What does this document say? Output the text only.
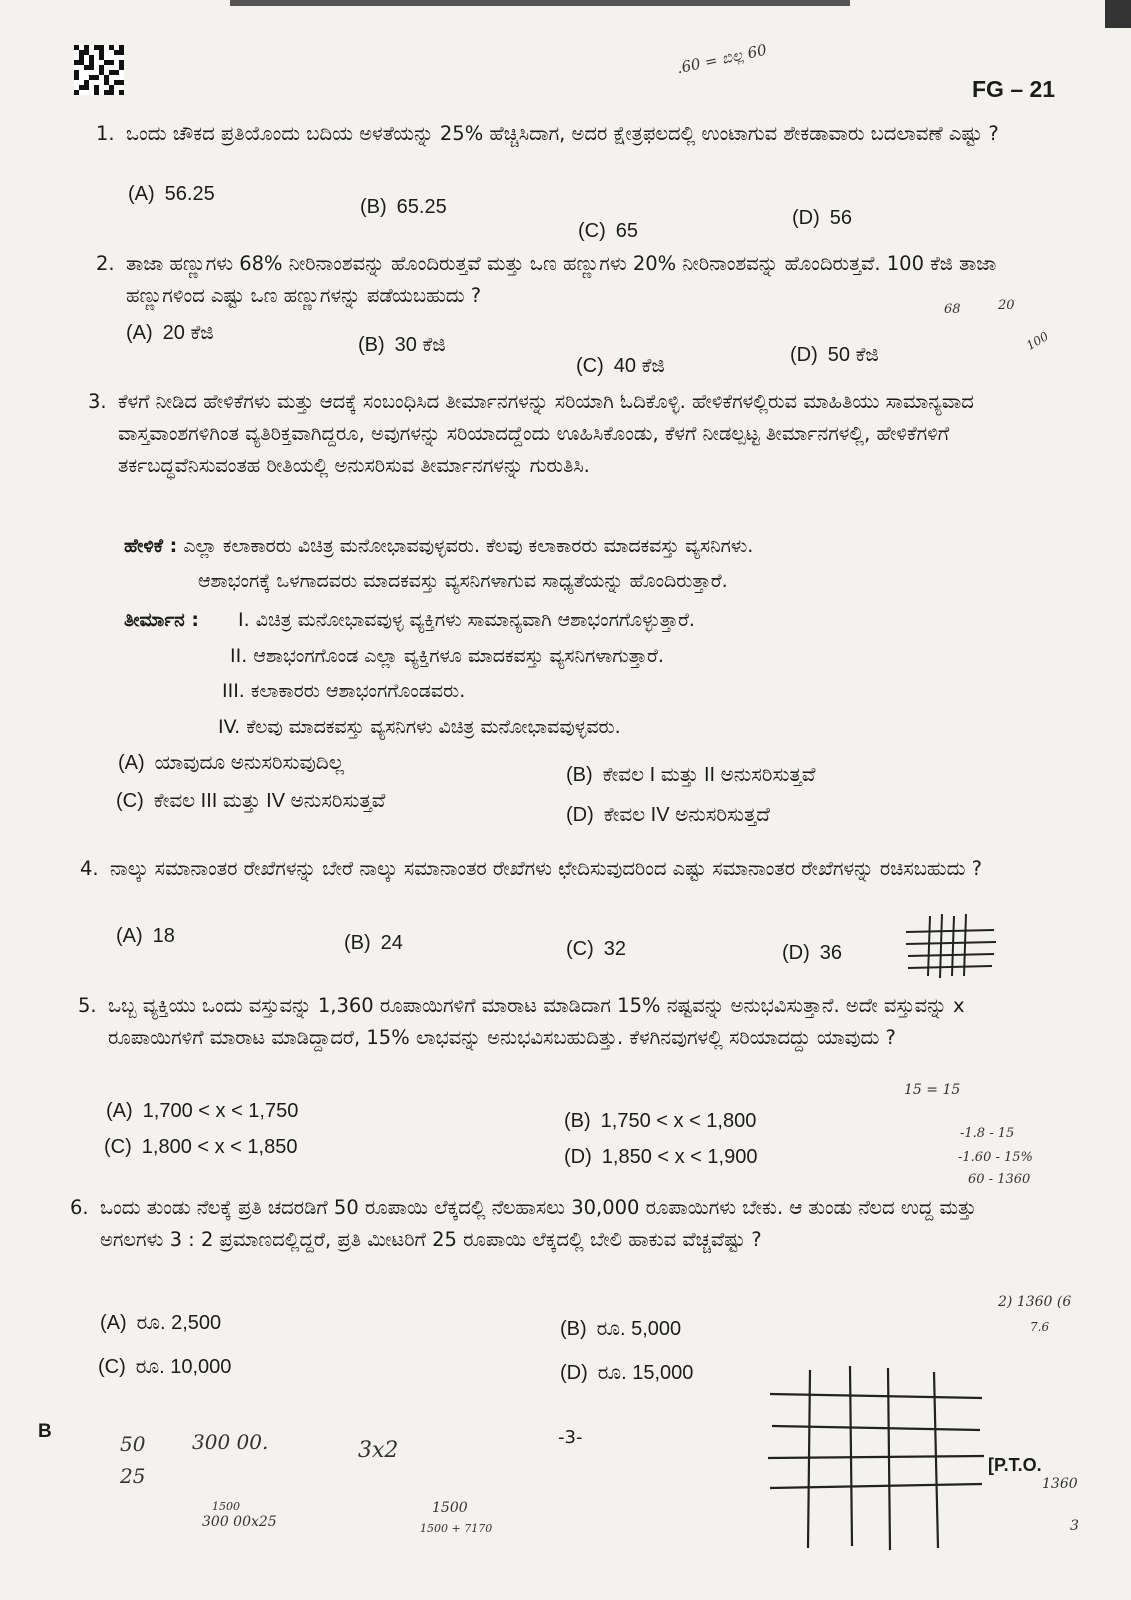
FG – 21
1. ಒಂದು ಚೌಕದ ಪ್ರತಿಯೊಂದು ಬದಿಯ ಅಳತೆಯನ್ನು 25% ಹೆಚ್ಚಿಸಿದಾಗ, ಅದರ ಕ್ಷೇತ್ರಫಲದಲ್ಲಿ ಉಂಟಾಗುವ ಶೇಕಡಾವಾರು ಬದಲಾವಣೆ ಎಷ್ಟು ?
(A) 56.25
(B) 65.25
(C) 65
(D) 56
2. ತಾಜಾ ಹಣ್ಣುಗಳು 68% ನೀರಿನಾಂಶವನ್ನು ಹೊಂದಿರುತ್ತವೆ ಮತ್ತು ಒಣ ಹಣ್ಣುಗಳು 20% ನೀರಿನಾಂಶವನ್ನು ಹೊಂದಿರುತ್ತವೆ. 100 ಕೆಜಿ ತಾಜಾ ಹಣ್ಣುಗಳಿಂದ ಎಷ್ಟು ಒಣ ಹಣ್ಣುಗಳನ್ನು ಪಡೆಯಬಹುದು ?
(A) 20 ಕೆಜಿ
(B) 30 ಕೆಜಿ
(C) 40 ಕೆಜಿ	(D) 50 ಕೆಜಿ
3. ಕೆಳಗೆ ನೀಡಿದ ಹೇಳಿಕೆಗಳು ಮತ್ತು ಆದಕ್ಕೆ ಸಂಬಂಧಿಸಿದ ತೀರ್ಮಾನಗಳನ್ನು ಸರಿಯಾಗಿ ಓದಿಕೊಳ್ಳಿ. ಹೇಳಿಕೆಗಳಲ್ಲಿರುವ ಮಾಹಿತಿಯು ಸಾಮಾನ್ಯವಾದ ವಾಸ್ತವಾಂಶಗಳಿಗಿಂತ ವ್ಯತಿರಿಕ್ತವಾಗಿದ್ದರೂ, ಅವುಗಳನ್ನು ಸರಿಯಾದದ್ದೆಂದು ಊಹಿಸಿಕೊಂಡು, ಕೆಳಗೆ ನೀಡಲ್ಪಟ್ಟ ತೀರ್ಮಾನಗಳಲ್ಲಿ, ಹೇಳಿಕೆಗಳಿಗೆ ತರ್ಕಬದ್ಧವೆನಿಸುವಂತಹ ರೀತಿಯಲ್ಲಿ ಅನುಸರಿಸುವ ತೀರ್ಮಾನಗಳನ್ನು ಗುರುತಿಸಿ.
ಹೇಳಿಕೆ : ಎಲ್ಲಾ ಕಲಾಕಾರರು ವಿಚಿತ್ರ ಮನೋಭಾವವುಳ್ಳವರು. ಕೆಲವು ಕಲಾಕಾರರು ಮಾದಕವಸ್ತು ವ್ಯಸನಿಗಳು.
ಆಶಾಭಂಗಕ್ಕೆ ಒಳಗಾದವರು ಮಾದಕವಸ್ತು ವ್ಯಸನಿಗಳಾಗುವ ಸಾಧ್ಯತೆಯನ್ನು ಹೊಂದಿರುತ್ತಾರೆ.
ತೀರ್ಮಾನ : I. ವಿಚಿತ್ರ ಮನೋಭಾವವುಳ್ಳ ವ್ಯಕ್ತಿಗಳು ಸಾಮಾನ್ಯವಾಗಿ ಆಶಾಭಂಗಗೊಳ್ಳುತ್ತಾರೆ.
II. ಆಶಾಭಂಗಗೊಂಡ ಎಲ್ಲಾ ವ್ಯಕ್ತಿಗಳೂ ಮಾದಕವಸ್ತು ವ್ಯಸನಿಗಳಾಗುತ್ತಾರೆ.
III. ಕಲಾಕಾರರು ಆಶಾಭಂಗಗೊಂಡವರು.
IV. ಕೆಲವು ಮಾದಕವಸ್ತು ವ್ಯಸನಿಗಳು ವಿಚಿತ್ರ ಮನೋಭಾವವುಳ್ಳವರು.
(A) ಯಾವುದೂ ಅನುಸರಿಸುವುದಿಲ್ಲ
(B) ಕೇವಲ I ಮತ್ತು II ಅನುಸರಿಸುತ್ತವೆ
(C) ಕೇವಲ III ಮತ್ತು IV ಅನುಸರಿಸುತ್ತವೆ
(D) ಕೇವಲ IV ಅನುಸರಿಸುತ್ತದೆ
4. ನಾಲ್ಕು ಸಮಾನಾಂತರ ರೇಖೆಗಳನ್ನು ಬೇರೆ ನಾಲ್ಕು ಸಮಾನಾಂತರ ರೇಖೆಗಳು ಛೇದಿಸುವುದರಿಂದ ಎಷ್ಟು ಸಮಾನಾಂತರ ರೇಖೆಗಳನ್ನು ರಚಿಸಬಹುದು ?
(A) 18	(B) 24	(C) 32	(D) 36
5. ಒಬ್ಬ ವ್ಯಕ್ತಿಯು ಒಂದು ವಸ್ತುವನ್ನು 1,360 ರೂಪಾಯಿಗಳಿಗೆ ಮಾರಾಟ ಮಾಡಿದಾಗ 15% ನಷ್ಟವನ್ನು ಅನುಭವಿಸುತ್ತಾನೆ. ಅದೇ ವಸ್ತುವನ್ನು x ರೂಪಾಯಿಗಳಿಗೆ ಮಾರಾಟ ಮಾಡಿದ್ದಾದರೆ, 15% ಲಾಭವನ್ನು ಅನುಭವಿಸಬಹುದಿತ್ತು. ಕೆಳಗಿನವುಗಳಲ್ಲಿ ಸರಿಯಾದದ್ದು ಯಾವುದು ?
(A) 1,700 < x < 1,750	(B) 1,750 < x < 1,800
(C) 1,800 < x < 1,850	(D) 1,850 < x < 1,900
6. ಒಂದು ತುಂಡು ನೆಲಕ್ಕೆ ಪ್ರತಿ ಚದರಡಿಗೆ 50 ರೂಪಾಯಿ ಲೆಕ್ಕದಲ್ಲಿ ನೆಲಹಾಸಲು 30,000 ರೂಪಾಯಿಗಳು ಬೇಕು. ಆ ತುಂಡು ನೆಲದ ಉದ್ದ ಮತ್ತು ಅಗಲಗಳು 3 : 2 ಪ್ರಮಾಣದಲ್ಲಿದ್ದರೆ, ಪ್ರತಿ ಮೀಟರಿಗೆ 25 ರೂಪಾಯಿ ಲೆಕ್ಕದಲ್ಲಿ ಬೇಲಿ ಹಾಕುವ ವೆಚ್ಚವೆಷ್ಟು ?
(A) ರೂ. 2,500	(B) ರೂ. 5,000
(C) ರೂ. 10,000	(D) ರೂ. 15,000
B	-3-
[P.T.O.
.60 = ಬಿಲ್ಲ 60
68	20
100
15 = 15
-1.8 - 15
-1.60 - 15%
60 - 1360
2) 1360 (6
7.6
50 300 00.
25
3x2
1500
300 00x25
1500
1500 + 7170
1360
3
